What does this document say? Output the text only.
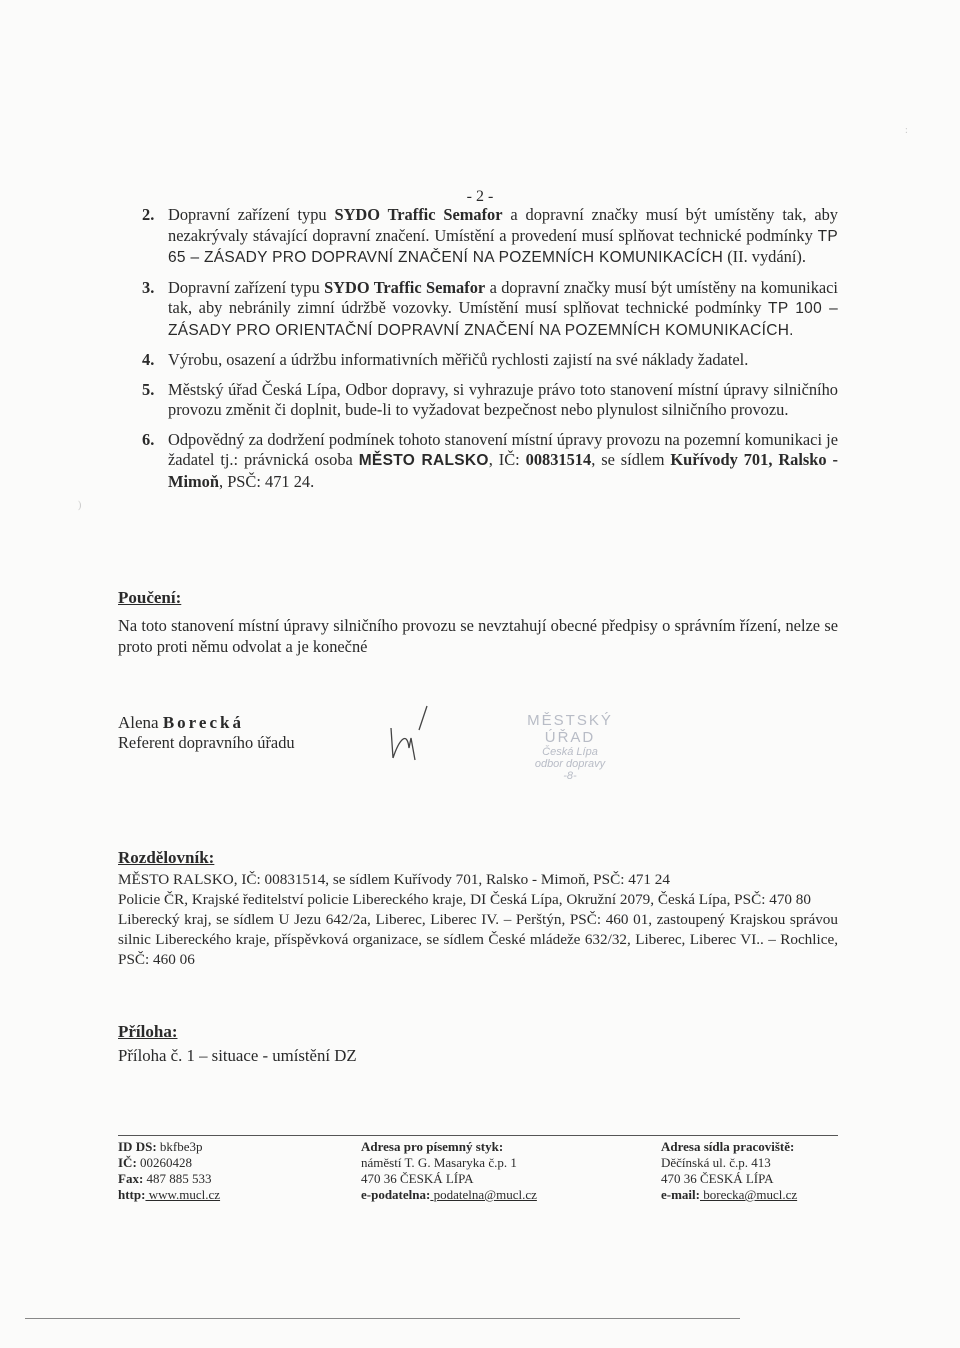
- 2 -
2. Dopravní zařízení typu SYDO Traffic Semafor a dopravní značky musí být umístěny tak, aby nezakrývaly stávající dopravní značení. Umístění a provedení musí splňovat technické podmínky TP 65 – ZÁSADY PRO DOPRAVNÍ ZNAČENÍ NA POZEMNÍCH KOMUNIKACÍCH (II. vydání).
3. Dopravní zařízení typu SYDO Traffic Semafor a dopravní značky musí být umístěny na komunikaci tak, aby nebránily zimní údržbě vozovky. Umístění musí splňovat technické podmínky TP 100 – ZÁSADY PRO ORIENTAČNÍ DOPRAVNÍ ZNAČENÍ NA POZEMNÍCH KOMUNIKACÍCH.
4. Výrobu, osazení a údržbu informativních měřičů rychlosti zajistí na své náklady žadatel.
5. Městský úřad Česká Lípa, Odbor dopravy, si vyhrazuje právo toto stanovení místní úpravy silničního provozu změnit či doplnit, bude-li to vyžadovat bezpečnost nebo plynulost silničního provozu.
6. Odpovědný za dodržení podmínek tohoto stanovení místní úpravy provozu na pozemní komunikaci je žadatel tj.: právnická osoba MĚSTO RALSKO, IČ: 00831514, se sídlem Kuřívody 701, Ralsko - Mimoň, PSČ: 471 24.
Poučení:
Na toto stanovení místní úpravy silničního provozu se nevztahují obecné předpisy o správním řízení, nelze se proto proti němu odvolat a je konečné
Alena Borecká
Referent dopravního úřadu
MĚSTSKÝ ÚŘAD
Česká Lípa
odbor dopravy
-8-
Rozdělovník:
MĚSTO RALSKO, IČ: 00831514, se sídlem Kuřívody 701, Ralsko - Mimoň, PSČ: 471 24
Policie ČR, Krajské ředitelství policie Libereckého kraje, DI Česká Lípa, Okružní 2079, Česká Lípa, PSČ: 470 80
Liberecký kraj, se sídlem U Jezu 642/2a, Liberec, Liberec IV. – Perštýn, PSČ: 460 01, zastoupený Krajskou správou silnic Libereckého kraje, příspěvková organizace, se sídlem České mládeže 632/32, Liberec, Liberec VI.. – Rochlice, PSČ: 460 06
Příloha:
Příloha č. 1 – situace - umístění DZ
ID DS: bkfbe3p
IČ: 00260428
Fax: 487 885 533
http: www.mucl.cz
Adresa pro písemný styk:
náměstí T. G. Masaryka č.p. 1
470 36 ČESKÁ LÍPA
e-podatelna: podatelna@mucl.cz
Adresa sídla pracoviště:
Děčínská ul. č.p. 413
470 36 ČESKÁ LÍPA
e-mail: borecka@mucl.cz
:
)
